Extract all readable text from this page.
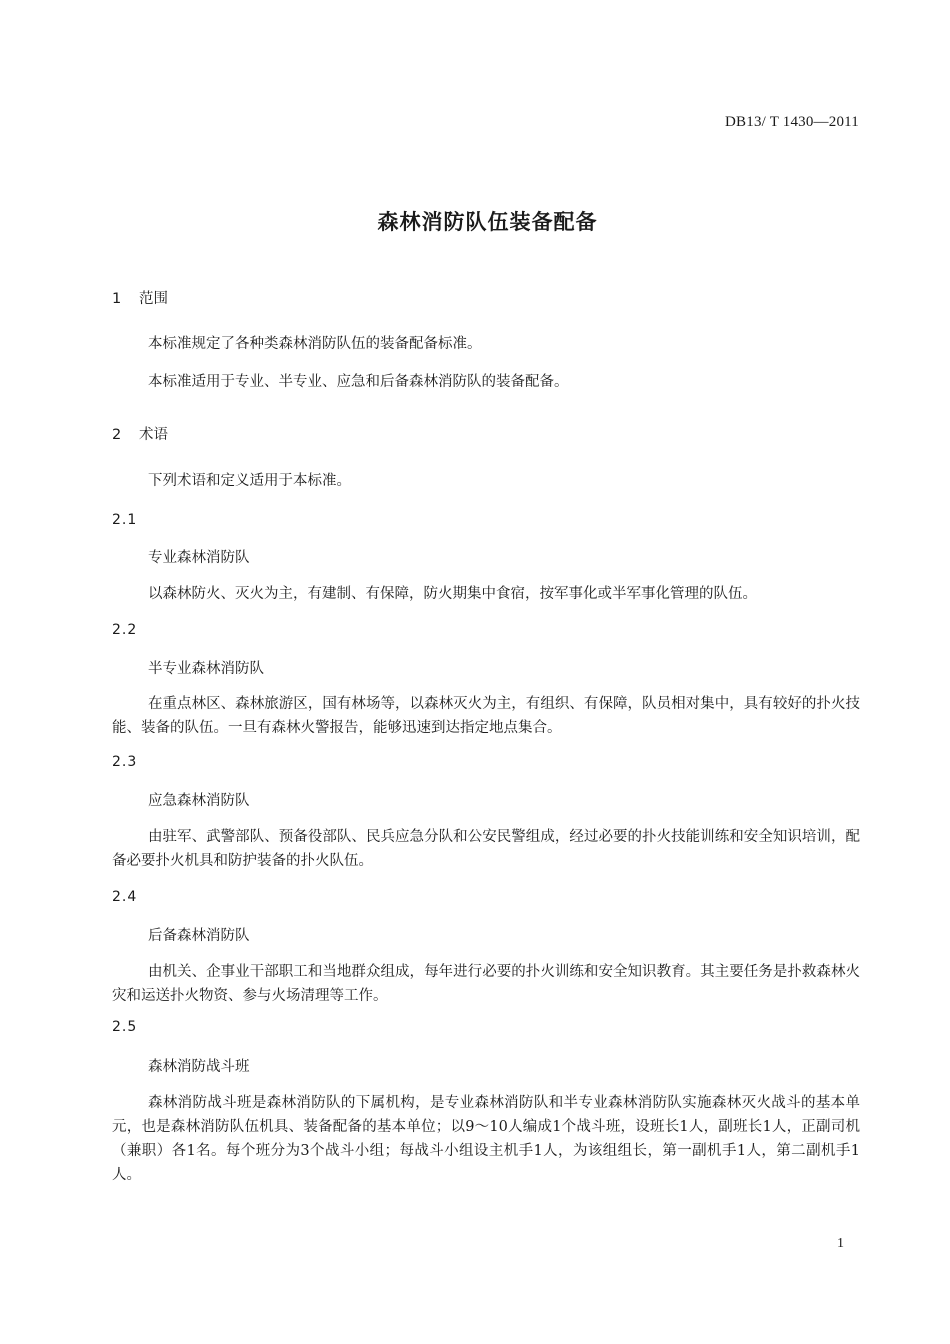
DB13/ T 1430—2011
森林消防队伍装备配备
1 范围
本标准规定了各种类森林消防队伍的装备配备标准。
本标准适用于专业、半专业、应急和后备森林消防队的装备配备。
2 术语
下列术语和定义适用于本标准。
2.1
专业森林消防队
以森林防火、灭火为主，有建制、有保障，防火期集中食宿，按军事化或半军事化管理的队伍。
2.2
半专业森林消防队
在重点林区、森林旅游区，国有林场等，以森林灭火为主，有组织、有保障，队员相对集中，具有较好的扑火技能、装备的队伍。一旦有森林火警报告，能够迅速到达指定地点集合。
2.3
应急森林消防队
由驻军、武警部队、预备役部队、民兵应急分队和公安民警组成，经过必要的扑火技能训练和安全知识培训，配备必要扑火机具和防护装备的扑火队伍。
2.4
后备森林消防队
由机关、企事业干部职工和当地群众组成，每年进行必要的扑火训练和安全知识教育。其主要任务是扑救森林火灾和运送扑火物资、参与火场清理等工作。
2.5
森林消防战斗班
森林消防战斗班是森林消防队的下属机构，是专业森林消防队和半专业森林消防队实施森林灭火战斗的基本单元，也是森林消防队伍机具、装备配备的基本单位；以9～10人编成1个战斗班，设班长1人，副班长1人，正副司机（兼职）各1名。每个班分为3个战斗小组；每战斗小组设主机手1人，为该组组长，第一副机手1人，第二副机手1人。
1
